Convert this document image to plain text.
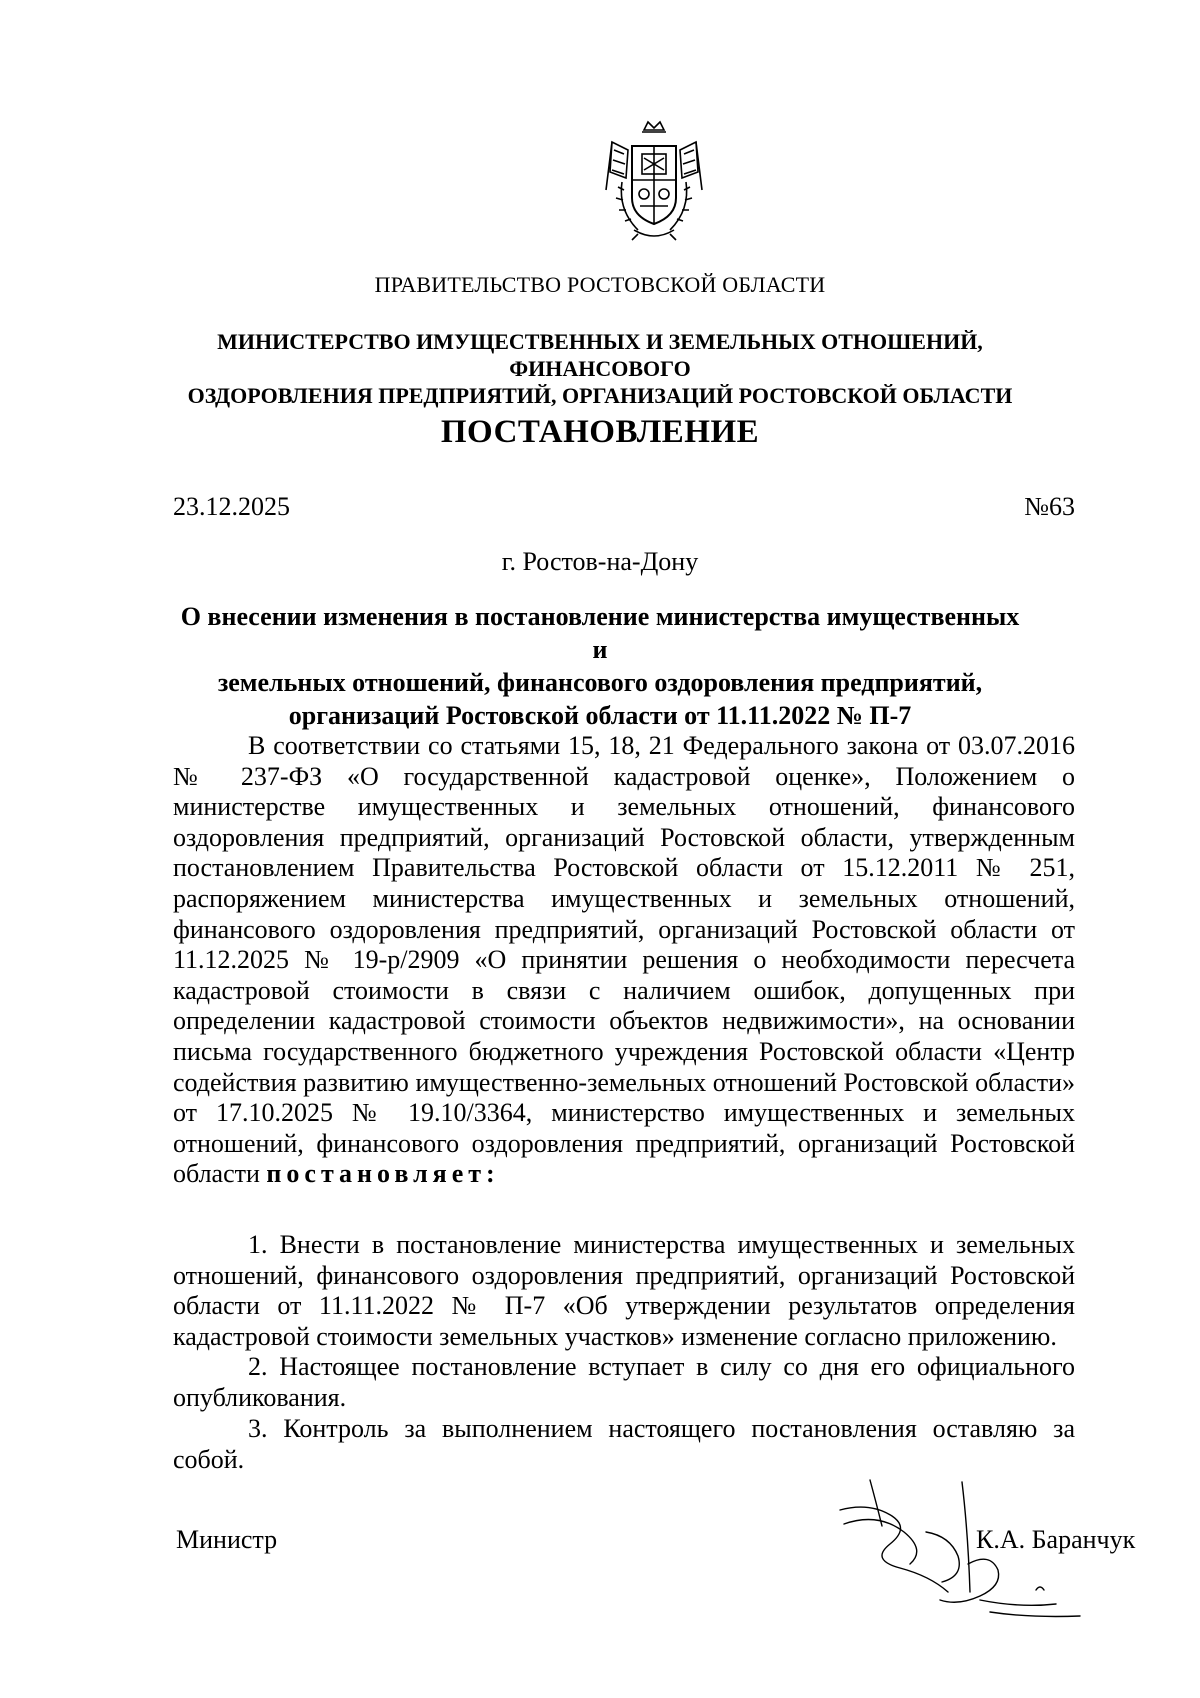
ПРАВИТЕЛЬСТВО РОСТОВСКОЙ ОБЛАСТИ
МИНИСТЕРСТВО ИМУЩЕСТВЕННЫХ И ЗЕМЕЛЬНЫХ ОТНОШЕНИЙ, ФИНАНСОВОГО
ОЗДОРОВЛЕНИЯ ПРЕДПРИЯТИЙ, ОРГАНИЗАЦИЙ РОСТОВСКОЙ ОБЛАСТИ
ПОСТАНОВЛЕНИЕ
23.12.2025	№63
г. Ростов-на-Дону
О внесении изменения в постановление министерства имущественных и
земельных отношений, финансового оздоровления предприятий,
организаций Ростовской области от 11.11.2022 № П-7
В соответствии со статьями 15, 18, 21 Федерального закона от 03.07.2016 № 237-ФЗ «О государственной кадастровой оценке», Положением о министерстве имущественных и земельных отношений, финансового оздоровления предприятий, организаций Ростовской области, утвержденным постановлением Правительства Ростовской области от 15.12.2011 № 251, распоряжением министерства имущественных и земельных отношений, финансового оздоровления предприятий, организаций Ростовской области от 11.12.2025 № 19-р/2909 «О принятии решения о необходимости пересчета кадастровой стоимости в связи с наличием ошибок, допущенных при определении кадастровой стоимости объектов недвижимости», на основании письма государственного бюджетного учреждения Ростовской области «Центр содействия развитию имущественно-земельных отношений Ростовской области» от 17.10.2025 № 19.10/3364, министерство имущественных и земельных отношений, финансового оздоровления предприятий, организаций Ростовской области постановляет:
1. Внести в постановление министерства имущественных и земельных отношений, финансового оздоровления предприятий, организаций Ростовской области от 11.11.2022 № П-7 «Об утверждении результатов определения кадастровой стоимости земельных участков» изменение согласно приложению.
2. Настоящее постановление вступает в силу со дня его официального опубликования.
3. Контроль за выполнением настоящего постановления оставляю за собой.
Министр	К.А. Баранчук
